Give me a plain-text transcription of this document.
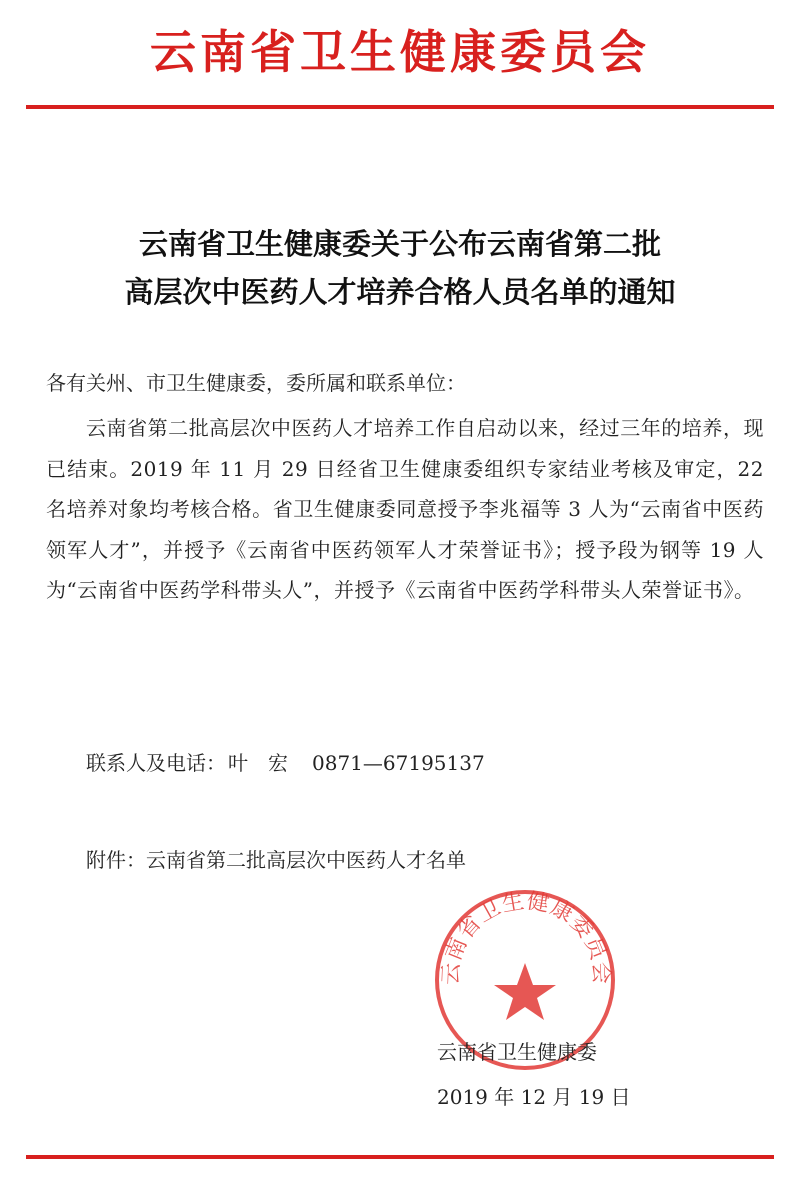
云南省卫生健康委员会
云南省卫生健康委关于公布云南省第二批
高层次中医药人才培养合格人员名单的通知
各有关州、市卫生健康委，委所属和联系单位：
云南省第二批高层次中医药人才培养工作自启动以来，经过三年的培养，现已结束。2019 年 11 月 29 日经省卫生健康委组织专家结业考核及审定，22 名培养对象均考核合格。省卫生健康委同意授予李兆福等 3 人为“云南省中医药领军人才”，并授予《云南省中医药领军人才荣誉证书》；授予段为钢等 19 人为“云南省中医药学科带头人”，并授予《云南省中医药学科带头人荣誉证书》。
联系人及电话： 叶　宏 0871—67195137
附件：云南省第二批高层次中医药人才名单
云南省卫生健康委员会
云南省卫生健康委
2019 年 12 月 19 日
